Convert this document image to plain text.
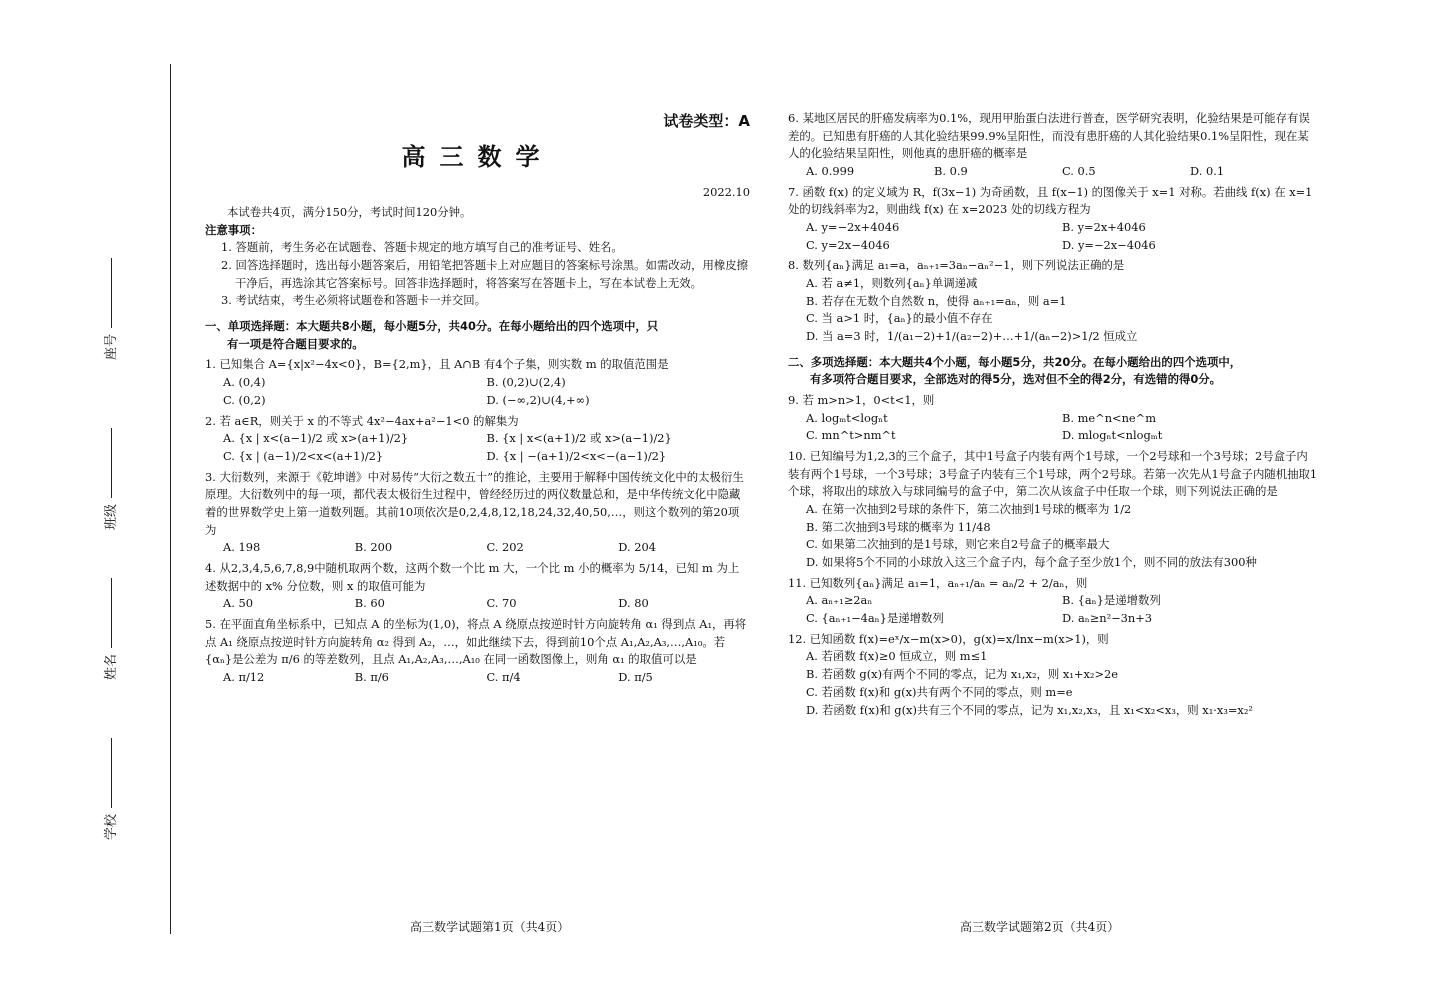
座号
班级
姓名
学校
试卷类型：A
高三数学
2022.10
本试卷共4页，满分150分，考试时间120分钟。
注意事项：
1. 答题前，考生务必在试题卷、答题卡规定的地方填写自己的准考证号、姓名。
2. 回答选择题时，选出每小题答案后，用铅笔把答题卡上对应题目的答案标号涂黑。如需改动，用橡皮擦干净后，再选涂其它答案标号。回答非选择题时，将答案写在答题卡上，写在本试卷上无效。
3. 考试结束，考生必须将试题卷和答题卡一并交回。
一、单项选择题：本大题共8小题，每小题5分，共40分。在每小题给出的四个选项中，只
有一项是符合题目要求的。

1. 已知集合 A={x|x²−4x<0}，B={2,m}，且 A∩B 有4个子集，则实数 m 的取值范围是

A. (0,4)	B. (0,2)∪(2,4)
C. (0,2)	D. (−∞,2)∪(4,+∞)

2. 若 a∈R，则关于 x 的不等式 4x²−4ax+a²−1<0 的解集为

A. {x | x<(a−1)/2 或 x>(a+1)/2}	B. {x | x<(a+1)/2 或 x>(a−1)/2}
C. {x | (a−1)/2<x<(a+1)/2}	D. {x | −(a+1)/2<x<−(a−1)/2}

3. 大衍数列，来源于《乾坤谱》中对易传“大衍之数五十”的推论，主要用于解释中国传统文化中的太极衍生原理。大衍数列中的每一项，都代表太极衍生过程中，曾经经历过的两仪数量总和，是中华传统文化中隐藏着的世界数学史上第一道数列题。其前10项依次是0,2,4,8,12,18,24,32,40,50,…，则这个数列的第20项为

A. 198	B. 200	C. 202	D. 204

4. 从2,3,4,5,6,7,8,9中随机取两个数，这两个数一个比 m 大，一个比 m 小的概率为 5/14，已知 m 为上述数据中的 x% 分位数，则 x 的取值可能为

A. 50	B. 60	C. 70	D. 80

5. 在平面直角坐标系中，已知点 A 的坐标为(1,0)，将点 A 绕原点按逆时针方向旋转角 α₁ 得到点 A₁，再将点 A₁ 绕原点按逆时针方向旋转角 α₂ 得到 A₂，…，如此继续下去，得到前10个点 A₁,A₂,A₃,…,A₁₀。若{αₙ}是公差为 π/6 的等差数列，且点 A₁,A₂,A₃,…,A₁₀ 在同一函数图像上，则角 α₁ 的取值可以是

A. π/12	B. π/6	C. π/4	D. π/5

6. 某地区居民的肝癌发病率为0.1%，现用甲胎蛋白法进行普查，医学研究表明，化验结果是可能存有误差的。已知患有肝癌的人其化验结果99.9%呈阳性，而没有患肝癌的人其化验结果0.1%呈阳性，现在某人的化验结果呈阳性，则他真的患肝癌的概率是

A. 0.999	B. 0.9	C. 0.5	D. 0.1

7. 函数 f(x) 的定义域为 R，f(3x−1) 为奇函数，且 f(x−1) 的图像关于 x=1 对称。若曲线 f(x) 在 x=1 处的切线斜率为2，则曲线 f(x) 在 x=2023 处的切线方程为

A. y=−2x+4046	B. y=2x+4046
C. y=2x−4046	D. y=−2x−4046

8. 数列{aₙ}满足 a₁=a，aₙ₊₁=3aₙ−aₙ²−1，则下列说法正确的是

A. 若 a≠1，则数列{aₙ}单调递减
B. 若存在无数个自然数 n，使得 aₙ₊₁=aₙ，则 a=1
C. 当 a>1 时，{aₙ}的最小值不存在
D. 当 a=3 时，1/(a₁−2)+1/(a₂−2)+…+1/(aₙ−2)>1/2 恒成立
二、多项选择题：本大题共4个小题，每小题5分，共20分。在每小题给出的四个选项中，
有多项符合题目要求，全部选对的得5分，选对但不全的得2分，有选错的得0分。

9. 若 m>n>1，0<t<1，则

A. logₘt<logₙt	B. me^n<ne^m
C. mn^t>nm^t	D. mlogₙt<nlogₘt

10. 已知编号为1,2,3的三个盒子，其中1号盒子内装有两个1号球，一个2号球和一个3号球；2号盒子内装有两个1号球，一个3号球；3号盒子内装有三个1号球，两个2号球。若第一次先从1号盒子内随机抽取1个球，将取出的球放入与球同编号的盒子中，第二次从该盒子中任取一个球，则下列说法正确的是

A. 在第一次抽到2号球的条件下，第二次抽到1号球的概率为 1/2
B. 第二次抽到3号球的概率为 11/48
C. 如果第二次抽到的是1号球，则它来自2号盒子的概率最大
D. 如果将5个不同的小球放入这三个盒子内，每个盒子至少放1个，则不同的放法有300种

11. 已知数列{aₙ}满足 a₁=1，aₙ₊₁/aₙ = aₙ/2 + 2/aₙ，则

A. aₙ₊₁≥2aₙ	B. {aₙ}是递增数列
C. {aₙ₊₁−4aₙ}是递增数列	D. aₙ≥n²−3n+3

12. 已知函数 f(x)=eˣ/x−m(x>0)，g(x)=x/lnx−m(x>1)，则

A. 若函数 f(x)≥0 恒成立，则 m≤1
B. 若函数 g(x)有两个不同的零点，记为 x₁,x₂，则 x₁+x₂>2e
C. 若函数 f(x)和 g(x)共有两个不同的零点，则 m=e
D. 若函数 f(x)和 g(x)共有三个不同的零点，记为 x₁,x₂,x₃，且 x₁<x₂<x₃，则 x₁·x₃=x₂²
高三数学试题第1页（共4页）	高三数学试题第2页（共4页）
